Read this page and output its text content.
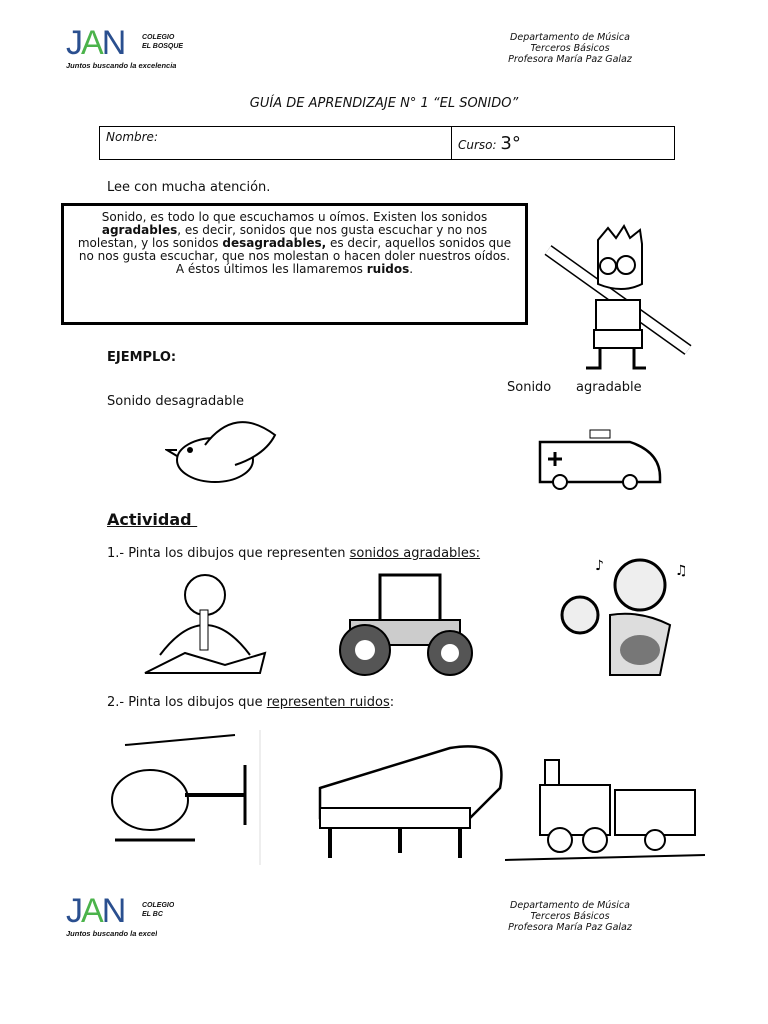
JAN	COLEGIO
EL BOSQUE
Juntos buscando la excelencia
Departamento de Música
Terceros Básicos
Profesora María Paz Galaz
GUÍA DE APRENDIZAJE N° 1 “EL SONIDO”
Nombre:
Curso: 3°
Lee con mucha atención.
Sonido, es todo lo que escuchamos u oímos. Existen los sonidos agradables, es decir, sonidos que nos gusta escuchar y no nos molestan, y los sonidos desagradables, es decir, aquellos sonidos que no nos gusta escuchar, que nos molestan o hacen doler nuestros oídos. A éstos últimos les llamaremos ruidos.
EJEMPLO:
Sonido      agradable
Sonido desagradable
Actividad
1.- Pinta los dibujos que representen sonidos agradables:
♪	♫
2.- Pinta los dibujos que representen ruidos:
JAN	COLEGIO
EL BC
Juntos buscando la excel
Departamento de Música
Terceros Básicos
Profesora María Paz Galaz
